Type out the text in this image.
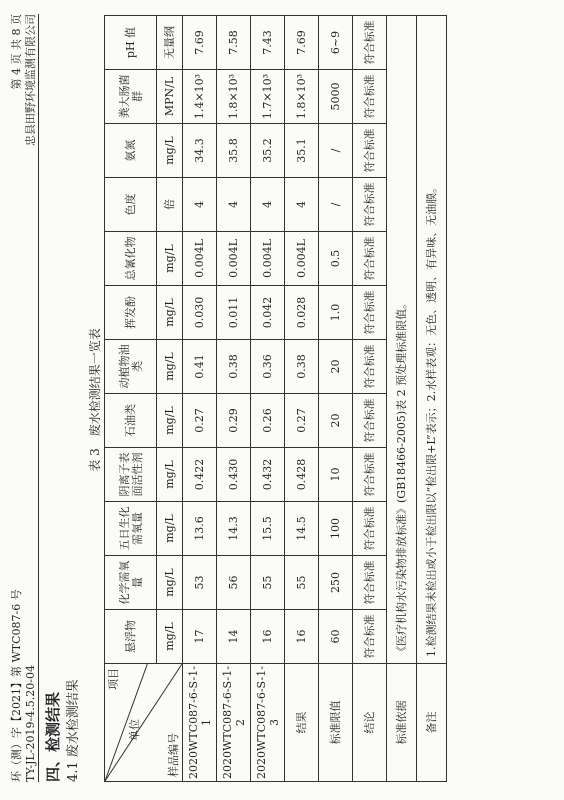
环（测）字【2021】第 WTC087-6 号 TY-JL-2019-4.5.20-04
第 4 页 共 8 页 忠县田野环境监测有限公司
四、检测结果 4.1 废水检测结果
表 3　废水检测结果一览表
项目
单位
样品编号	悬浮物	化学需氧量	五日生化需氧量	阴离子表面活性剂	石油类	动植物油类	挥发酚	总氰化物	色度	氨氮	粪大肠菌群	pH 值
	mg/L	mg/L	mg/L	mg/L	mg/L	mg/L	mg/L	mg/L	倍	mg/L	MPN/L	无量纲
2020WTC087-6-S-1-1	17	53	13.6	0.422	0.27	0.41	0.030	0.004L	4	34.3	1.4×10³	7.69
2020WTC087-6-S-1-2	14	56	14.3	0.430	0.29	0.38	0.011	0.004L	4	35.8	1.8×10³	7.58
2020WTC087-6-S-1-3	16	55	15.5	0.432	0.26	0.36	0.042	0.004L	4	35.2	1.7×10³	7.43
结果	16	55	14.5	0.428	0.27	0.38	0.028	0.004L	4	35.1	1.8×10³	7.69
标准限值	60	250	100	10	20	20	1.0	0.5	/	/	5000	6~9
结论	符合标准	符合标准	符合标准	符合标准	符合标准	符合标准	符合标准	符合标准	符合标准	符合标准	符合标准	符合标准
标准依据	《医疗机构水污染物排放标准》(GB18466-2005)表 2 预处理标准限值。											
备注	1.检测结果未检出或小于检出限以“检出限+L”表示；2.水样表观：无色、透明、有异味、无油膜。											
